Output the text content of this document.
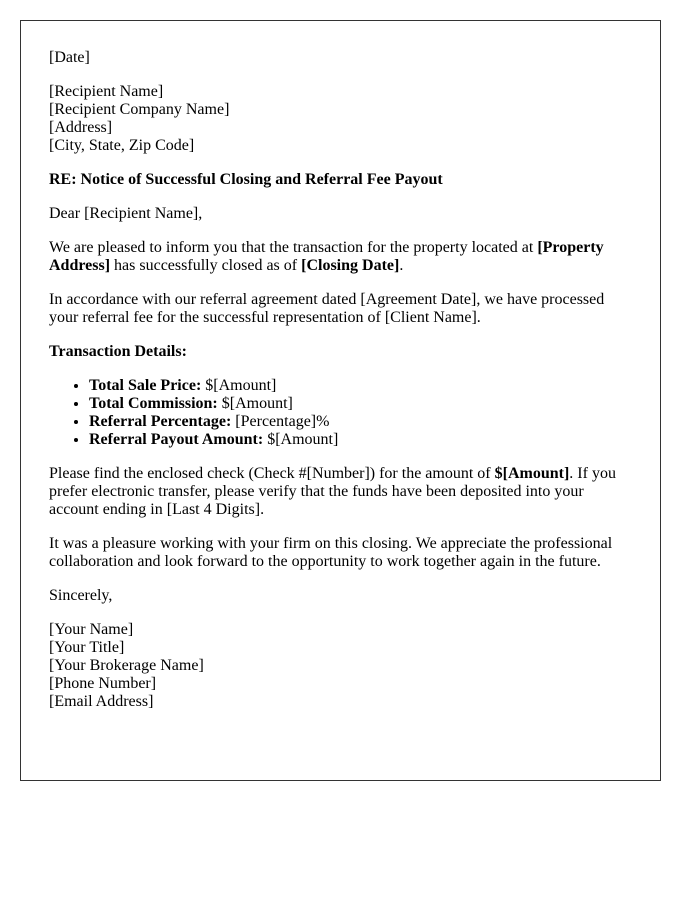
[Date]

[Recipient Name]
[Recipient Company Name]
[Address]
[City, State, Zip Code]

RE: Notice of Successful Closing and Referral Fee Payout

Dear [Recipient Name],

We are pleased to inform you that the transaction for the property located at [Property Address] has successfully closed as of [Closing Date].

In accordance with our referral agreement dated [Agreement Date], we have processed your referral fee for the successful representation of [Client Name].

Transaction Details:

• Total Sale Price: $[Amount]
• Total Commission: $[Amount]
• Referral Percentage: [Percentage]%
• Referral Payout Amount: $[Amount]

Please find the enclosed check (Check #[Number]) for the amount of $[Amount]. If you prefer electronic transfer, please verify that the funds have been deposited into your account ending in [Last 4 Digits].

It was a pleasure working with your firm on this closing. We appreciate the professional collaboration and look forward to the opportunity to work together again in the future.

Sincerely,

[Your Name]
[Your Title]
[Your Brokerage Name]
[Phone Number]
[Email Address]
